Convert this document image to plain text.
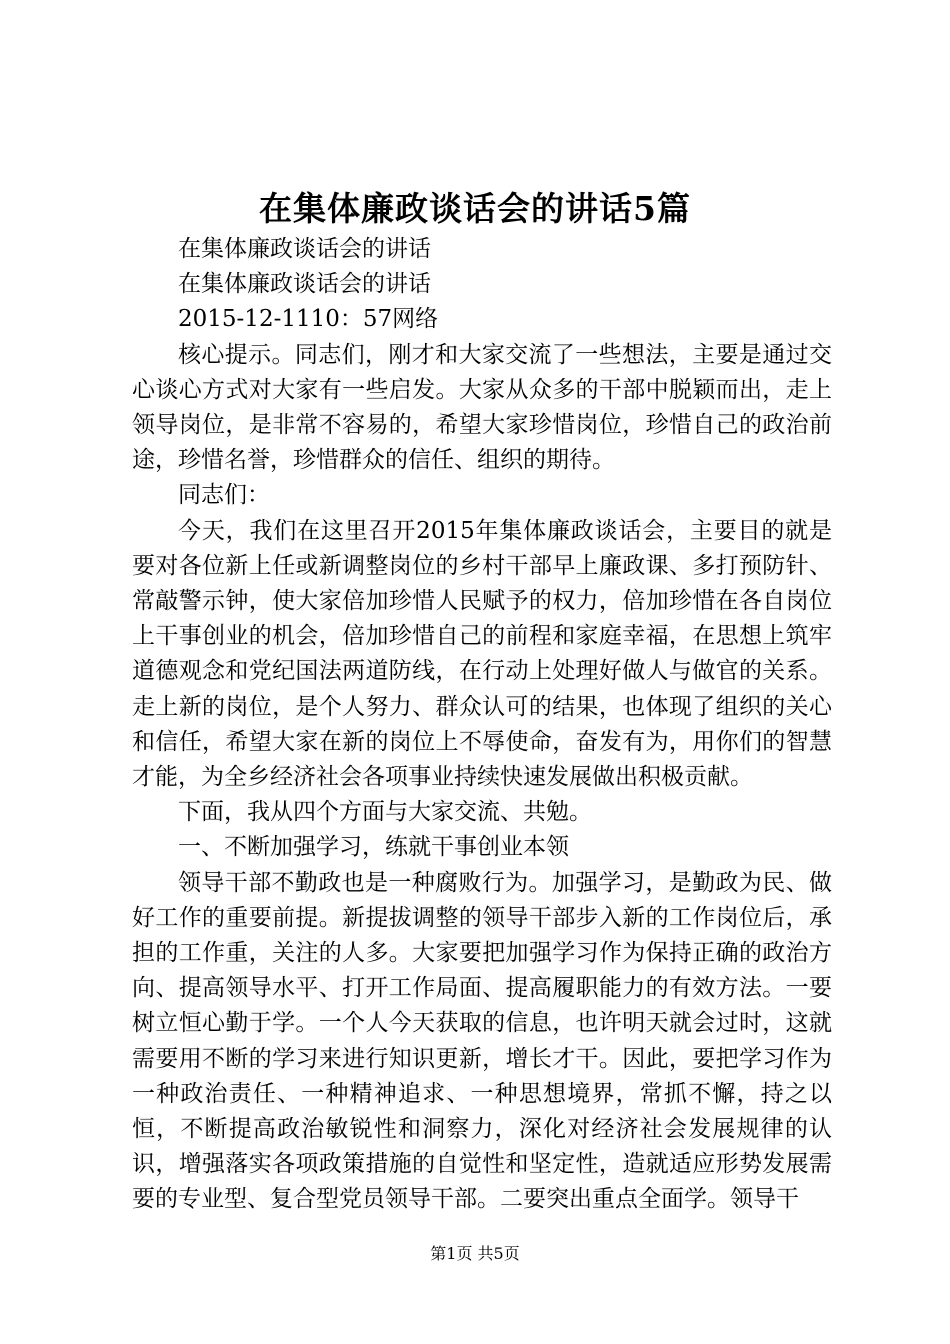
在集体廉政谈话会的讲话5篇

在集体廉政谈话会的讲话

在集体廉政谈话会的讲话

2015-12-1110：57网络

核心提示。同志们，刚才和大家交流了一些想法，主要是通过交心谈心方式对大家有一些启发。大家从众多的干部中脱颖而出，走上领导岗位，是非常不容易的，希望大家珍惜岗位，珍惜自己的政治前途，珍惜名誉，珍惜群众的信任、组织的期待。

同志们：

今天，我们在这里召开2015年集体廉政谈话会，主要目的就是要对各位新上任或新调整岗位的乡村干部早上廉政课、多打预防针、常敲警示钟，使大家倍加珍惜人民赋予的权力，倍加珍惜在各自岗位上干事创业的机会，倍加珍惜自己的前程和家庭幸福，在思想上筑牢道德观念和党纪国法两道防线，在行动上处理好做人与做官的关系。走上新的岗位，是个人努力、群众认可的结果，也体现了组织的关心和信任，希望大家在新的岗位上不辱使命，奋发有为，用你们的智慧才能，为全乡经济社会各项事业持续快速发展做出积极贡献。

下面，我从四个方面与大家交流、共勉。

一、不断加强学习，练就干事创业本领

领导干部不勤政也是一种腐败行为。加强学习，是勤政为民、做好工作的重要前提。新提拔调整的领导干部步入新的工作岗位后，承担的工作重，关注的人多。大家要把加强学习作为保持正确的政治方向、提高领导水平、打开工作局面、提高履职能力的有效方法。一要树立恒心勤于学。一个人今天获取的信息，也许明天就会过时，这就需要用不断的学习来进行知识更新，增长才干。因此，要把学习作为一种政治责任、一种精神追求、一种思想境界，常抓不懈，持之以恒，不断提高政治敏锐性和洞察力，深化对经济社会发展规律的认识，增强落实各项政策措施的自觉性和坚定性，造就适应形势发展需要的专业型、复合型党员领导干部。二要突出重点全面学。领导干

第1页 共5页
